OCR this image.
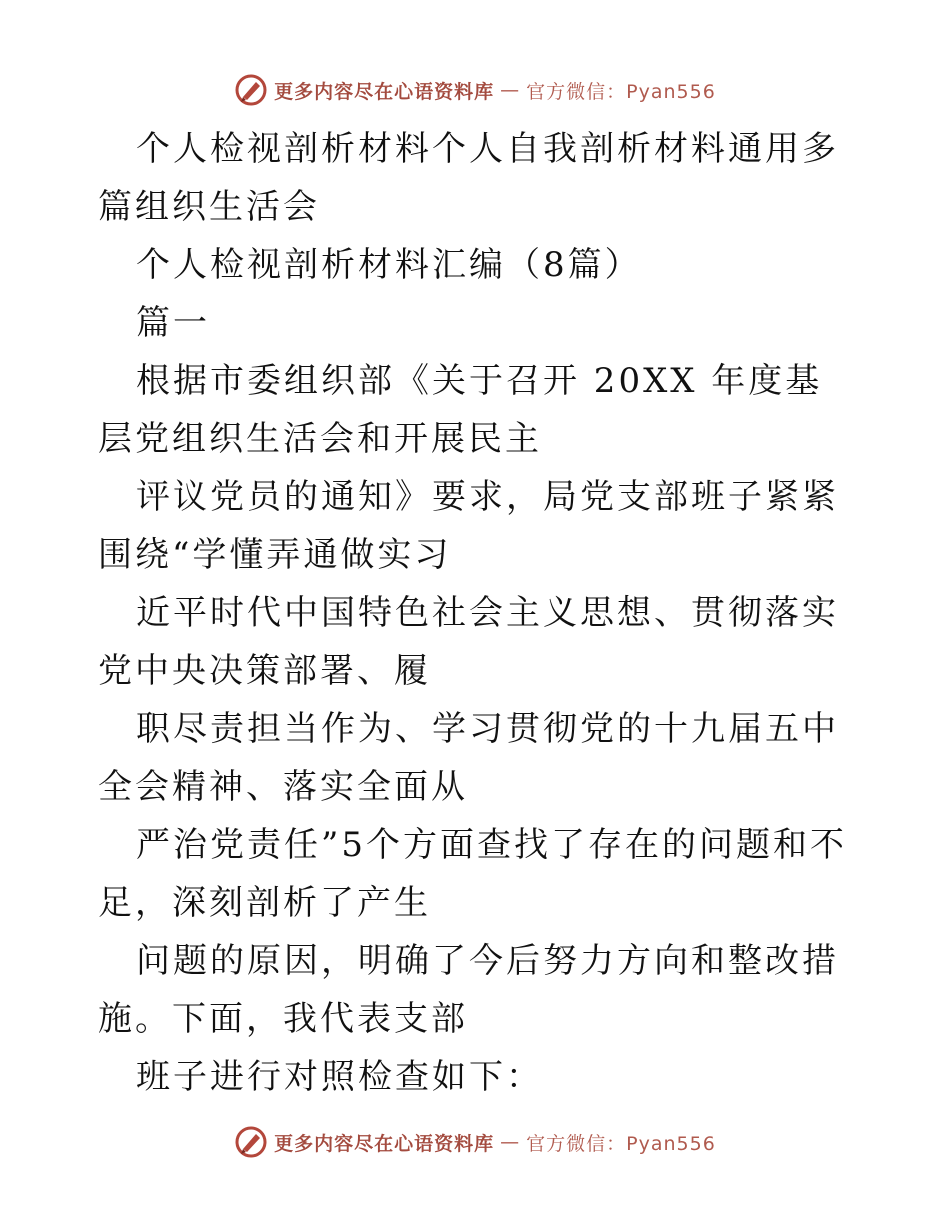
更多内容尽在心语资料库 — 官方微信：Pyan556

个人检视剖析材料个人自我剖析材料通用多篇组织生活会

个人检视剖析材料汇编（8篇）

篇一

根据市委组织部《关于召开 20XX 年度基层党组织生活会和开展民主

评议党员的通知》要求，局党支部班子紧紧围绕“学懂弄通做实习

近平时代中国特色社会主义思想、贯彻落实党中央决策部署、履

职尽责担当作为、学习贯彻党的十九届五中全会精神、落实全面从

严治党责任”5个方面查找了存在的问题和不足，深刻剖析了产生

问题的原因，明确了今后努力方向和整改措施。下面，我代表支部

班子进行对照检查如下：

更多内容尽在心语资料库 — 官方微信：Pyan556
